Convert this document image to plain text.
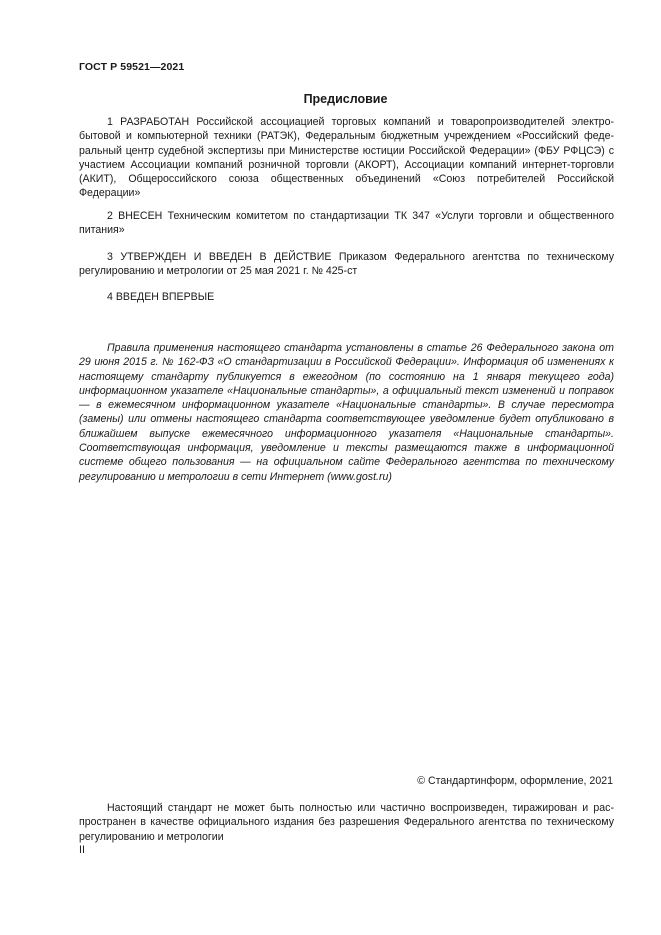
ГОСТ Р 59521—2021
Предисловие

1 РАЗРАБОТАН Российской ассоциацией торговых компаний и товаропроизводителей электробытовой и компьютерной техники (РАТЭК), Федеральным бюджетным учреждением «Российский федеральный центр судебной экспертизы при Министерстве юстиции Российской Федерации» (ФБУ РФЦСЭ) с участием Ассоциации компаний розничной торговли (АКОРТ), Ассоциации компаний интернет-торговли (АКИТ), Общероссийского союза общественных объединений «Союз потребителей Российской Федерации»

2 ВНЕСЕН Техническим комитетом по стандартизации ТК 347 «Услуги торговли и общественного питания»

3 УТВЕРЖДЕН И ВВЕДЕН В ДЕЙСТВИЕ Приказом Федерального агентства по техническому регулированию и метрологии от 25 мая 2021 г. № 425-ст

4 ВВЕДЕН ВПЕРВЫЕ

Правила применения настоящего стандарта установлены в статье 26 Федерального закона от 29 июня 2015 г. № 162-ФЗ «О стандартизации в Российской Федерации». Информация об изменениях к настоящему стандарту публикуется в ежегодном (по состоянию на 1 января текущего года) информационном указателе «Национальные стандарты», а официальный текст изменений и поправок — в ежемесячном информационном указателе «Национальные стандарты». В случае пересмотра (замены) или отмены настоящего стандарта соответствующее уведомление будет опубликовано в ближайшем выпуске ежемесячного информационного указателя «Национальные стандарты». Соответствующая информация, уведомление и тексты размещаются также в информационной системе общего пользования — на официальном сайте Федерального агентства по техническому регулированию и метрологии в сети Интернет (www.gost.ru)

© Стандартинформ, оформление, 2021

Настоящий стандарт не может быть полностью или частично воспроизведен, тиражирован и распространен в качестве официального издания без разрешения Федерального агентства по техническому регулированию и метрологии

II
